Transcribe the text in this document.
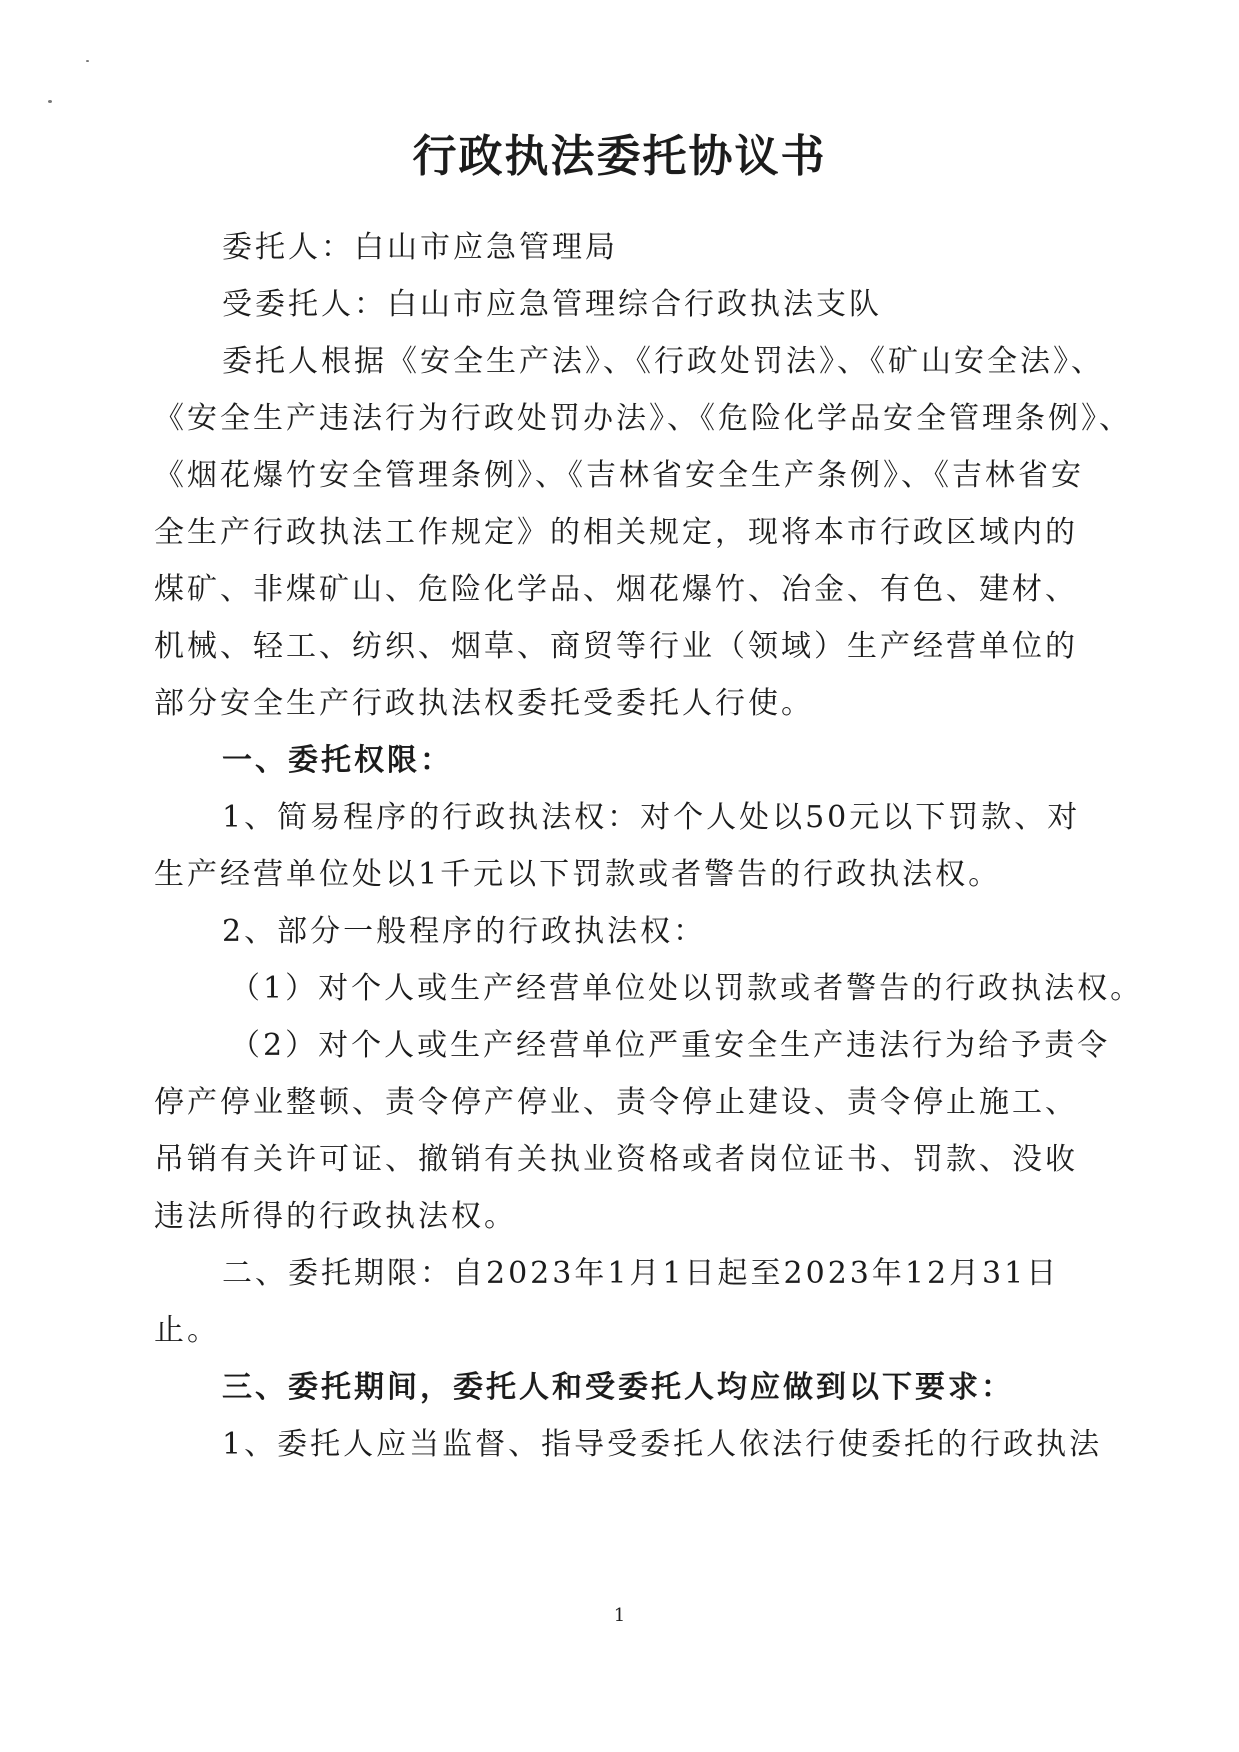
行政执法委托协议书
委托人：白山市应急管理局
受委托人：白山市应急管理综合行政执法支队
委托人根据《安全生产法》、《行政处罚法》、《矿山安全法》、
《安全生产违法行为行政处罚办法》、《危险化学品安全管理条例》、
《烟花爆竹安全管理条例》、《吉林省安全生产条例》、《吉林省安
全生产行政执法工作规定》的相关规定，现将本市行政区域内的
煤矿、非煤矿山、危险化学品、烟花爆竹、冶金、有色、建材、
机械、轻工、纺织、烟草、商贸等行业（领域）生产经营单位的
部分安全生产行政执法权委托受委托人行使。
一、委托权限：
1、简易程序的行政执法权：对个人处以50元以下罚款、对
生产经营单位处以1千元以下罚款或者警告的行政执法权。
2、部分一般程序的行政执法权：
（1）对个人或生产经营单位处以罚款或者警告的行政执法权。
（2）对个人或生产经营单位严重安全生产违法行为给予责令
停产停业整顿、责令停产停业、责令停止建设、责令停止施工、
吊销有关许可证、撤销有关执业资格或者岗位证书、罚款、没收
违法所得的行政执法权。
二、委托期限：自2023年1月1日起至2023年12月31日
止。
三、委托期间，委托人和受委托人均应做到以下要求：
1、委托人应当监督、指导受委托人依法行使委托的行政执法
1
